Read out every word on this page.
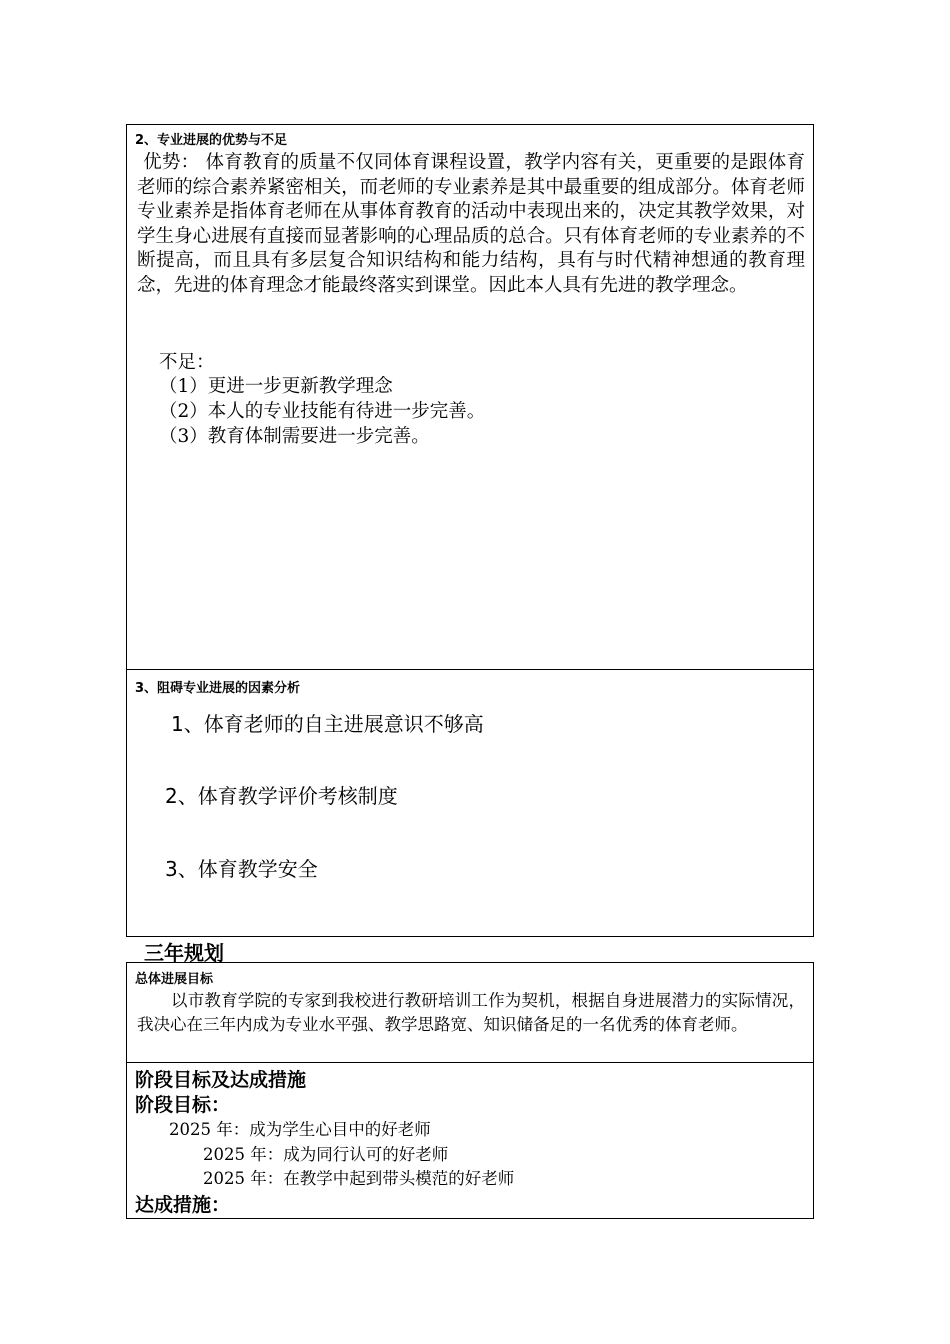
2、专业进展的优势与不足
优势： 体育教育的质量不仅同体育课程设置，教学内容有关，更重要的是跟体育老师的综合素养紧密相关，而老师的专业素养是其中最重要的组成部分。体育老师专业素养是指体育老师在从事体育教育的活动中表现出来的，决定其教学效果，对学生身心进展有直接而显著影响的心理品质的总合。只有体育老师的专业素养的不断提高，而且具有多层复合知识结构和能力结构，具有与时代精神想通的教育理念，先进的体育理念才能最终落实到课堂。因此本人具有先进的教学理念。
不足：
（1）更进一步更新教学理念
（2）本人的专业技能有待进一步完善。
（3）教育体制需要进一步完善。
3、阻碍专业进展的因素分析
1、体育老师的自主进展意识不够高
2、体育教学评价考核制度
3、体育教学安全
三年规划
总体进展目标
以市教育学院的专家到我校进行教研培训工作为契机，根据自身进展潜力的实际情况，我决心在三年内成为专业水平强、教学思路宽、知识储备足的一名优秀的体育老师。
阶段目标及达成措施
阶段目标：
2025 年：成为学生心目中的好老师
2025 年：成为同行认可的好老师
2025 年：在教学中起到带头模范的好老师
达成措施：
